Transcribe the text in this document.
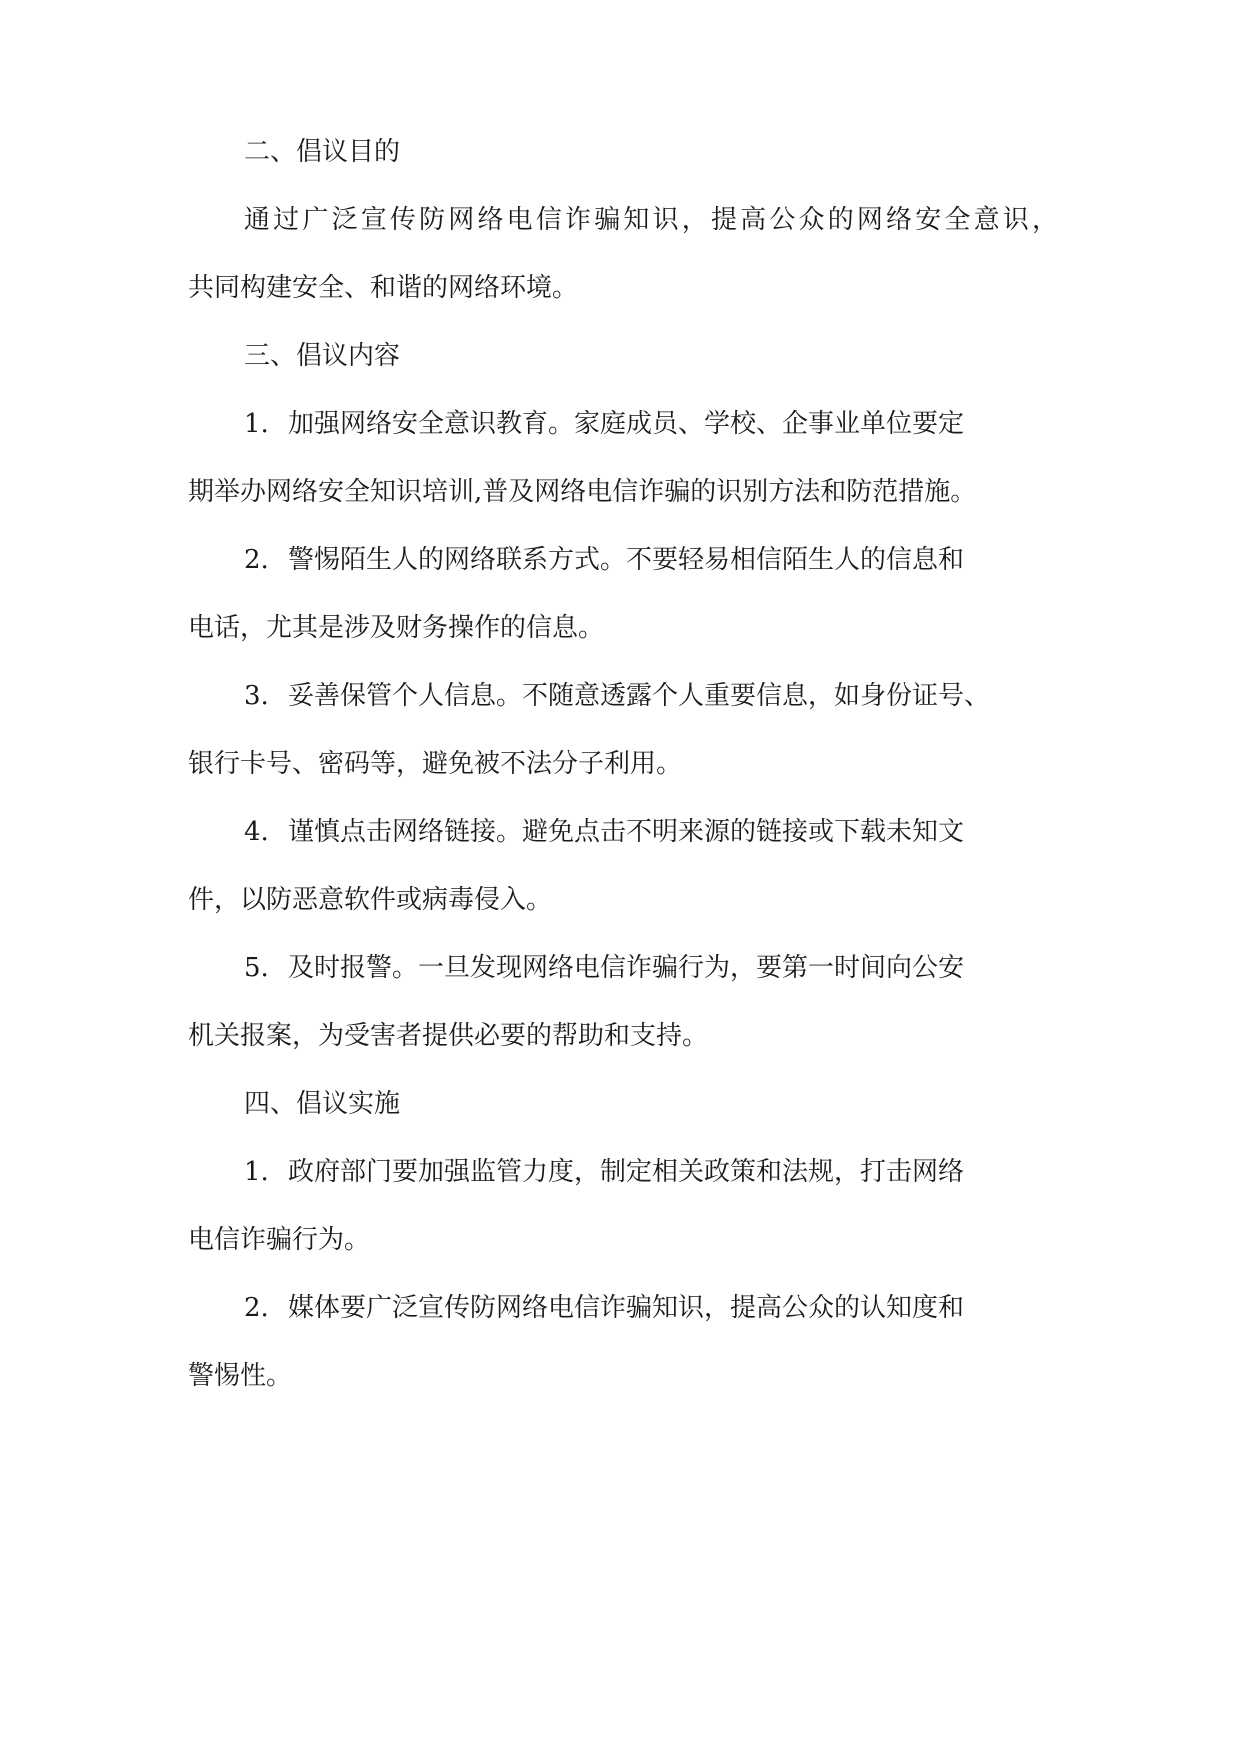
二、倡议目的
通过广泛宣传防网络电信诈骗知识，提高公众的网络安全意识，
共同构建安全、和谐的网络环境。
三、倡议内容
1. 加强网络安全意识教育。家庭成员、学校、企事业单位要定
期举办网络安全知识培训,普及网络电信诈骗的识别方法和防范措施。
2. 警惕陌生人的网络联系方式。不要轻易相信陌生人的信息和
电话，尤其是涉及财务操作的信息。
3. 妥善保管个人信息。不随意透露个人重要信息，如身份证号、
银行卡号、密码等，避免被不法分子利用。
4. 谨慎点击网络链接。避免点击不明来源的链接或下载未知文
件，以防恶意软件或病毒侵入。
5. 及时报警。一旦发现网络电信诈骗行为，要第一时间向公安
机关报案，为受害者提供必要的帮助和支持。
四、倡议实施
1. 政府部门要加强监管力度，制定相关政策和法规，打击网络
电信诈骗行为。
2. 媒体要广泛宣传防网络电信诈骗知识，提高公众的认知度和
警惕性。
